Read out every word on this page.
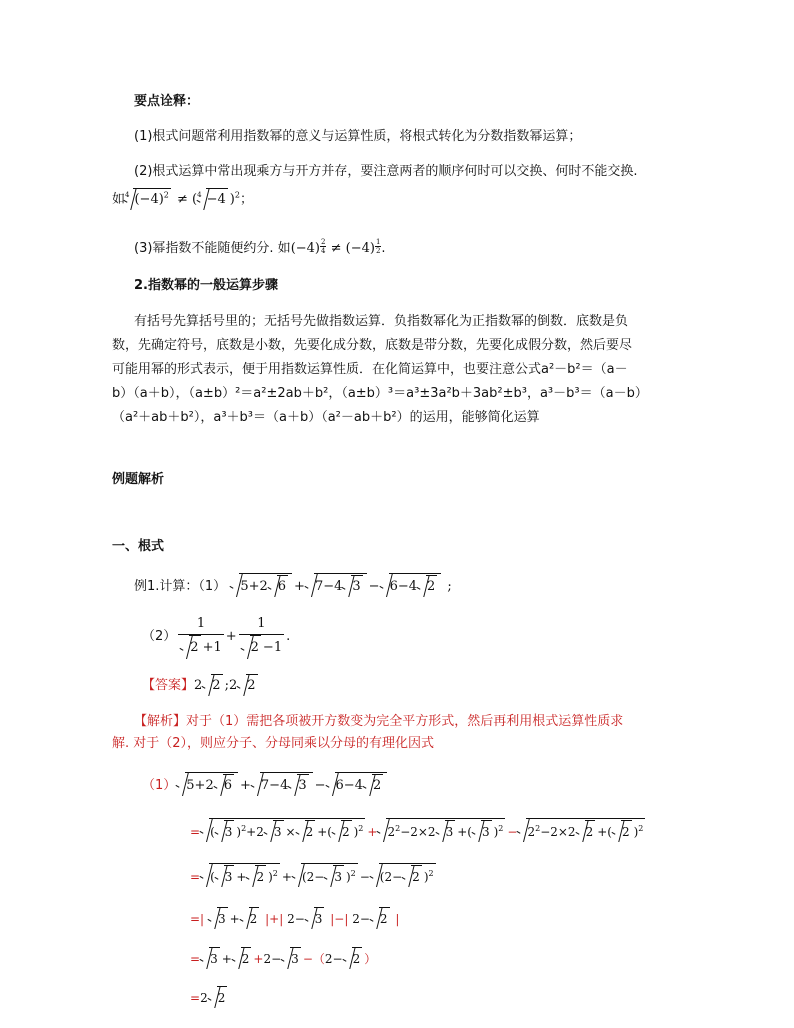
要点诠释：
(1)根式问题常利用指数幂的意义与运算性质，将根式转化为分数指数幂运算；
(2)根式运算中常出现乘方与开方并存，要注意两者的顺序何时可以交换、何时不能交换.
如$^4$ $(-4)^2 \ne (^4 -4$ )$^2$；
(3)幂指数不能随便约分. 如$(-4) \frac{2}{4} \ne (-4) \frac{1}{2}$ .
2.指数幂的一般运算步骤
有括号先算括号里的；无括号先做指数运算．负指数幂化为正指数幂的倒数．底数是负
数，先确定符号，底数是小数，先要化成分数，底数是带分数，先要化成假分数，然后要尽
可能用幂的形式表示，便于用指数运算性质．在化简运算中，也要注意公式a²－b²＝（a－
b）（a＋b），（a±b）²＝a²±2ab＋b²，（a±b）³＝a³±3a²b＋3ab²±b³，a³－b³＝（a－b）
（a²＋ab＋b²），a³＋b³＝（a＋b）（a²－ab＋b²）的运用，能够简化运算
例题解析
一、根式
例1.计算：（1） 5+2 6 + 7−4 3 − 6−4 2 ;
$(2) \frac{1}{2 +1} + \frac{1}{2 -1}$ .
【答案】2 2 ;2 2
【解析】对于（1）需把各项被开方数变为完全平方形式，然后再利用根式运算性质求
解. 对于（2），则应分子、分母同乘以分母的有理化因式
（1） 5+2 6 + 7−4 3 − 6−4 2
= ( 3 )$^2$+2 3 × 2 +( 2 )$^2 + 2^2-2\times 2$ 3 +( 3 )$^2 - 2^2-2\times 2$ 2 +( 2 )$^2$
= ( 3 + 2 )$^2$ + (2− 3 )$^2$ − (2− 2 )$^2$
=| 3 + 2 |+| 2− 3 |−| 2− 2 |
= 3 + 2 +2− 3 −（2− 2 ）
=2 2
